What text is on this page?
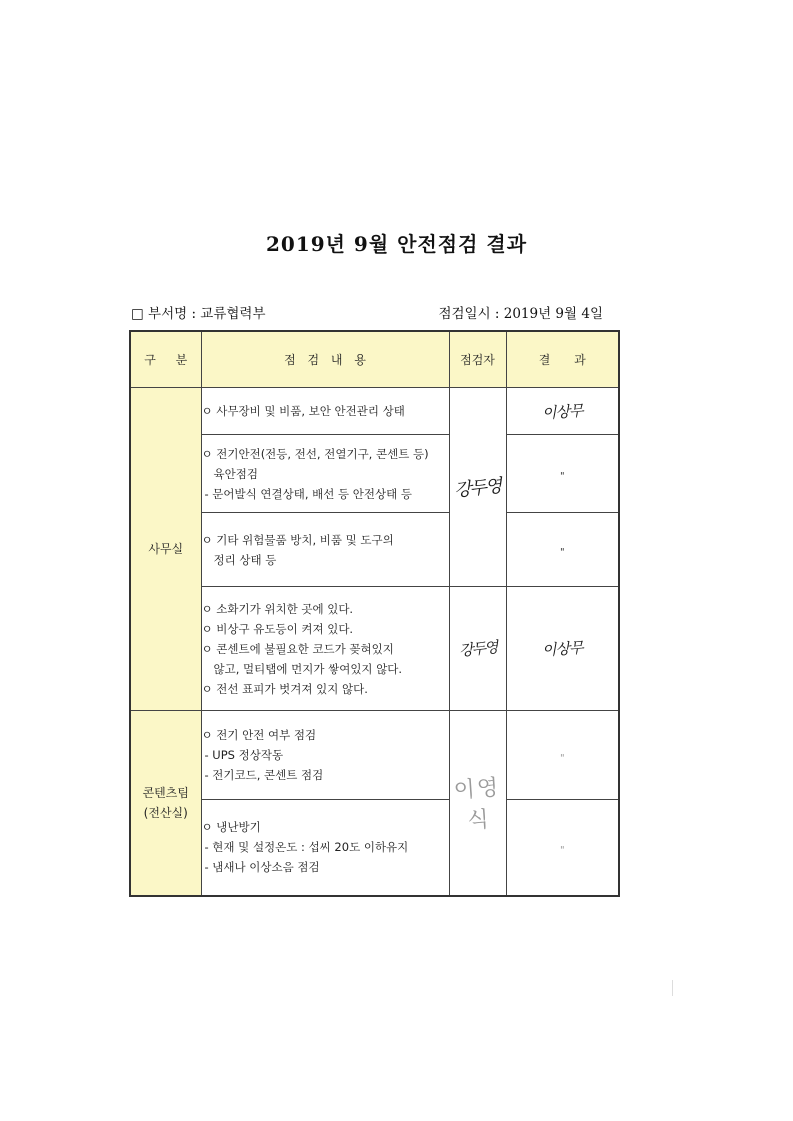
2019년 9월 안전점검 결과
□ 부서명 : 교류협력부	점검일시 : 2019년 9월 4일
구 분	점 검 내 용	점검자	결 과

사무실	ㅇ 사무장비 및 비품, 보안 안전관리 상태	강두영	이상무

	ㅇ 전기안전(전등, 전선, 전열기구, 콘센트 등)
육안점검
- 문어발식 연결상태, 배선 등 안전상태 등		"

	ㅇ 기타 위험물품 방치, 비품 및 도구의
정리 상태 등		"

	ㅇ 소화기가 위치한 곳에 있다.
ㅇ 비상구 유도등이 켜져 있다.
ㅇ 콘센트에 불필요한 코드가 꽂혀있지
않고, 멀티탭에 먼지가 쌓여있지 않다.
ㅇ 전선 표피가 벗겨져 있지 않다.	강두영	이상무

콘텐츠팀
(전산실)	ㅇ 전기 안전 여부 점검
- UPS 정상작동
- 전기코드, 콘센트 점검	이영식	"

	ㅇ 냉난방기
- 현재 및 설정온도 : 섭씨 20도 이하유지
- 냄새나 이상소음 점검		"
